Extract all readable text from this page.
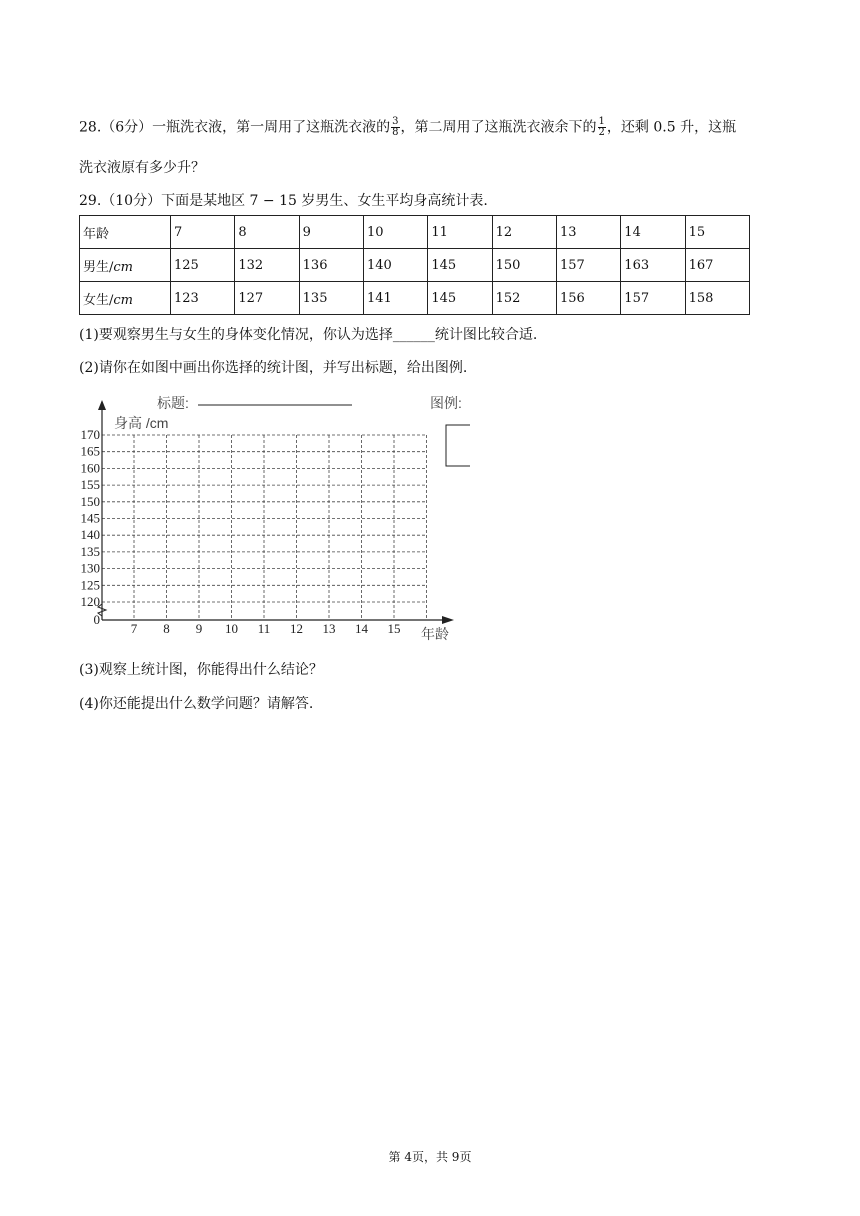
28.（6分）一瓶洗衣液，第一周用了这瓶洗衣液的 $\frac{3}{8}$ ，第二周用了这瓶洗衣液余下的 $\frac{1}{2}$ ，还剩 0.5 升，这瓶
洗衣液原有多少升？
29.（10分）下面是某地区 7 − 15 岁男生、女生平均身高统计表.
年龄	7	8	9	10	11	12	13	14	15
男生/cm	125	132	136	140	145	150	157	163	167
女生/cm	123	127	135	141	145	152	156	157	158
(1)要观察男生与女生的身体变化情况，你认为选择______统计图比较合适.
(2)请你在如图中画出你选择的统计图，并写出标题，给出图例.
0
120
125
130
135
140
145
150
155
160
165
170
7 8 9 10 11 12 13 14 15
身高 /cm
年龄
标题:	图例:
(3)观察上统计图，你能得出什么结论？
(4)你还能提出什么数学问题？请解答.
第 4页，共 9页
